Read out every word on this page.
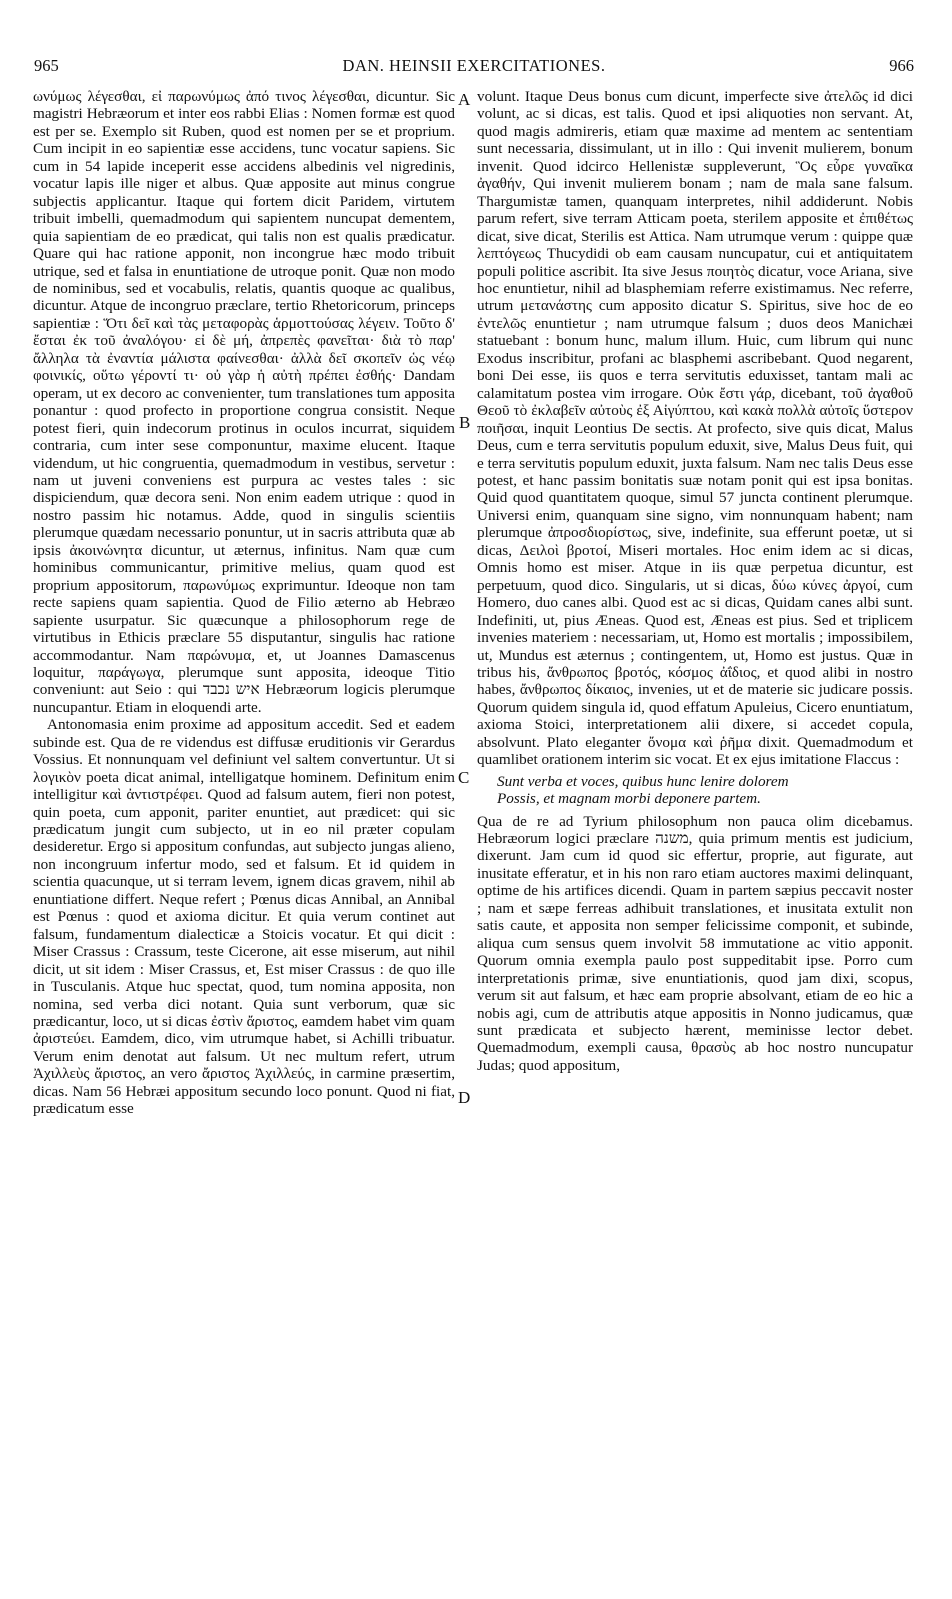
965	DAN. HEINSII EXERCITATIONES.	966

ωνύμως λέγεσθαι, εἰ παρωνύμως ἀπό τινος λέγεσθαι, dicuntur. Sic magistri Hebræorum et inter eos rabbi Elias : Nomen formæ est quod est per se. Exemplo sit Ruben, quod est nomen per se et proprium. Cum incipit in eo sapientiæ esse accidens, tunc vocatur sapiens. Sic cum in 54 lapide inceperit esse accidens albedinis vel nigredinis, vocatur lapis ille niger et albus. Quæ apposite aut minus congrue subjectis applicantur. Itaque qui fortem dicit Paridem, virtutem tribuit imbelli, quemadmodum qui sapientem nuncupat dementem, quia sapientiam de eo prædicat, qui talis non est qualis prædicatur. Quare qui hac ratione apponit, non incongrue hæc modo tribuit utrique, sed et falsa in enuntiatione de utroque ponit. Quæ non modo de nominibus, sed et vocabulis, relatis, quantis quoque ac qualibus, dicuntur. Atque de incongruo præclare, tertio Rhetoricorum, princeps sapientiæ : Ὅτι δεῖ καὶ τὰς μεταφορὰς ἁρμοττούσας λέγειν. Τοῦτο δ' ἔσται ἐκ τοῦ ἀναλόγου· εἰ δὲ μή, ἀπρεπὲς φανεῖται· διὰ τὸ παρ' ἄλληλα τὰ ἐναντία μάλιστα φαίνεσθαι· ἀλλὰ δεῖ σκοπεῖν ὡς νέῳ φοινικίς, οὕτω γέροντί τι· οὐ γὰρ ἡ αὐτὴ πρέπει ἐσθής· Dandam operam, ut ex decoro ac convenienter, tum translationes tum apposita ponantur : quod profecto in proportione congrua consistit. Neque potest fieri, quin indecorum protinus in oculos incurrat, siquidem contraria, cum inter sese componuntur, maxime elucent. Itaque videndum, ut hic congruentia, quemadmodum in vestibus, servetur : nam ut juveni conveniens est purpura ac vestes tales : sic dispiciendum, quæ decora seni. Non enim eadem utrique : quod in nostro passim hic notamus. Adde, quod in singulis scientiis plerumque quædam necessario ponuntur, ut in sacris attributa quæ ab ipsis ἀκοινώνητα dicuntur, ut æternus, infinitus. Nam quæ cum hominibus communicantur, primitive melius, quam quod est proprium appositorum, παρωνύμως exprimuntur. Ideoque non tam recte sapiens quam sapientia. Quod de Filio æterno ab Hebræo sapiente usurpatur. Sic quæcunque a philosophorum rege de virtutibus in Ethicis præclare 55 disputantur, singulis hac ratione accommodantur. Nam παρώνυμα, et, ut Joannes Damascenus loquitur, παράγωγα, plerumque sunt apposita, ideoque Titio conveniunt: aut Seio : qui איש נכבד Hebræorum logicis plerumque nuncupantur. Etiam in eloquendi arte.

Antonomasia enim proxime ad appositum accedit. Sed et eadem subinde est. Qua de re videndus est diffusæ eruditionis vir Gerardus Vossius. Et nonnunquam vel definiunt vel saltem convertuntur. Ut si λογικὸν poeta dicat animal, intelligatque hominem. Definitum enim intelligitur καὶ ἀντιστρέφει. Quod ad falsum autem, fieri non potest, quin poeta, cum apponit, pariter enuntiet, aut prædicet: qui sic prædicatum jungit cum subjecto, ut in eo nil præter copulam desideretur. Ergo si appositum confundas, aut subjecto jungas alieno, non incongruum infertur modo, sed et falsum. Et id quidem in scientia quacunque, ut si terram levem, ignem dicas gravem, nihil ab enuntiatione differt. Neque refert ; Pœnus dicas Annibal, an Annibal est Pœnus : quod et axioma dicitur. Et quia verum continet aut falsum, fundamentum dialecticæ a Stoicis vocatur. Et qui dicit : Miser Crassus : Crassum, teste Cicerone, ait esse miserum, aut nihil dicit, ut sit idem : Miser Crassus, et, Est miser Crassus : de quo ille in Tusculanis. Atque huc spectat, quod, tum nomina apposita, non nomina, sed verba dici notant. Quia sunt verborum, quæ sic prædicantur, loco, ut si dicas ἐστὶν ἄριστος, eamdem habet vim quam ἀριστεύει. Eamdem, dico, vim utrumque habet, si Achilli tribuatur. Verum enim denotat aut falsum. Ut nec multum refert, utrum Ἀχιλλεὺς ἄριστος, an vero ἄριστος Ἀχιλλεύς, in carmine præsertim, dicas. Nam 56 Hebræi appositum secundo loco ponunt. Quod ni fiat, prædicatum esse

A
B
C
D

volunt. Itaque Deus bonus cum dicunt, imperfecte sive ἀτελῶς id dici volunt, ac si dicas, est talis. Quod et ipsi aliquoties non servant. At, quod magis admireris, etiam quæ maxime ad mentem ac sententiam sunt necessaria, dissimulant, ut in illo : Qui invenit mulierem, bonum invenit. Quod idcirco Hellenistæ suppleverunt, Ὃς εὗρε γυναῖκα ἀγαθήν, Qui invenit mulierem bonam ; nam de mala sane falsum. Thargumistæ tamen, quanquam interpretes, nihil addiderunt. Nobis parum refert, sive terram Atticam poeta, sterilem apposite et ἐπιθέτως dicat, sive dicat, Sterilis est Attica. Nam utrumque verum : quippe quæ λεπτόγεως Thucydidi ob eam causam nuncupatur, cui et antiquitatem populi politice ascribit. Ita sive Jesus ποιητὸς dicatur, voce Ariana, sive hoc enuntietur, nihil ad blasphemiam referre existimamus. Nec referre, utrum μετανάστης cum apposito dicatur S. Spiritus, sive hoc de eo ἐντελῶς enuntietur ; nam utrumque falsum ; duos deos Manichæi statuebant : bonum hunc, malum illum. Huic, cum librum qui nunc Exodus inscribitur, profani ac blasphemi ascribebant. Quod negarent, boni Dei esse, iis quos e terra servitutis eduxisset, tantam mali ac calamitatum postea vim irrogare. Οὐκ ἔστι γάρ, dicebant, τοῦ ἀγαθοῦ Θεοῦ τὸ ἐκλαβεῖν αὐτοὺς ἐξ Αἰγύπτου, καὶ κακὰ πολλὰ αὐτοῖς ὕστερον ποιῆσαι, inquit Leontius De sectis. At profecto, sive quis dicat, Malus Deus, cum e terra servitutis populum eduxit, sive, Malus Deus fuit, qui e terra servitutis populum eduxit, juxta falsum. Nam nec talis Deus esse potest, et hanc passim bonitatis suæ notam ponit qui est ipsa bonitas. Quid quod quantitatem quoque, simul 57 juncta continent plerumque. Universi enim, quanquam sine signo, vim nonnunquam habent; nam plerumque ἀπροσδιορίστως, sive, indefinite, sua efferunt poetæ, ut si dicas, Δειλοὶ βροτοί, Miseri mortales. Hoc enim idem ac si dicas, Omnis homo est miser. Atque in iis quæ perpetua dicuntur, est perpetuum, quod dico. Singularis, ut si dicas, δύω κύνες ἀργοί, cum Homero, duo canes albi. Quod est ac si dicas, Quidam canes albi sunt. Indefiniti, ut, pius Æneas. Quod est, Æneas est pius. Sed et triplicem invenies materiem : necessariam, ut, Homo est mortalis ; impossibilem, ut, Mundus est æternus ; contingentem, ut, Homo est justus. Quæ in tribus his, ἄνθρωπος βροτός, κόσμος ἀΐδιος, et quod alibi in nostro habes, ἄνθρωπος δίκαιος, invenies, ut et de materie sic judicare possis. Quorum quidem singula id, quod effatum Apuleius, Cicero enuntiatum, axioma Stoici, interpretationem alii dixere, si accedet copula, absolvunt. Plato eleganter ὄνομα καὶ ῥῆμα dixit. Quemadmodum et quamlibet orationem interim sic vocat. Et ex ejus imitatione Flaccus :

Sunt verba et voces, quibus hunc lenire dolorem
Possis, et magnam morbi deponere partem.

Qua de re ad Tyrium philosophum non pauca olim dicebamus. Hebræorum logici præclare משנה, quia primum mentis est judicium, dixerunt. Jam cum id quod sic effertur, proprie, aut figurate, aut inusitate efferatur, et in his non raro etiam auctores maximi delinquant, optime de his artifices dicendi. Quam in partem sæpius peccavit noster ; nam et sæpe ferreas adhibuit translationes, et inusitata extulit non satis caute, et apposita non semper felicissime componit, et subinde, aliqua cum sensus quem involvit 58 immutatione ac vitio apponit. Quorum omnia exempla paulo post suppeditabit ipse. Porro cum interpretationis primæ, sive enuntiationis, quod jam dixi, scopus, verum sit aut falsum, et hæc eam proprie absolvant, etiam de eo hic a nobis agi, cum de attributis atque appositis in Nonno judicamus, quæ sunt prædicata et subjecto hærent, meminisse lector debet. Quemadmodum, exempli causa, θρασὺς ab hoc nostro nuncupatur Judas; quod appositum,
